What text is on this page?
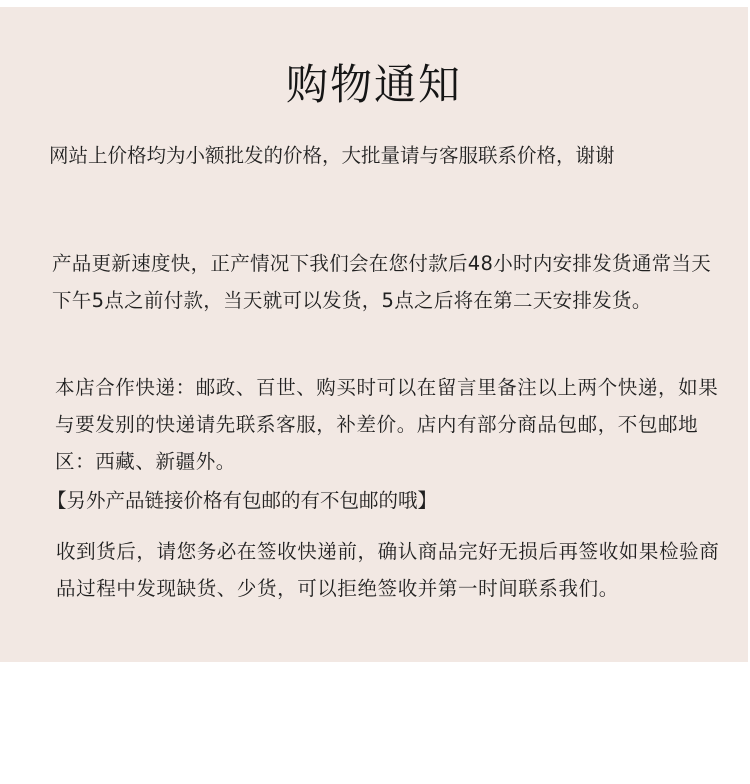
购物通知

网站上价格均为小额批发的价格，大批量请与客服联系价格，谢谢

产品更新速度快，正产情况下我们会在您付款后48小时内安排发货通常当天下午5点之前付款，当天就可以发货，5点之后将在第二天安排发货。

本店合作快递：邮政、百世、购买时可以在留言里备注以上两个快递，如果与要发别的快递请先联系客服，补差价。店内有部分商品包邮，不包邮地区：西藏、新疆外。

【另外产品链接价格有包邮的有不包邮的哦】

收到货后，请您务必在签收快递前，确认商品完好无损后再签收如果检验商品过程中发现缺货、少货，可以拒绝签收并第一时间联系我们。
